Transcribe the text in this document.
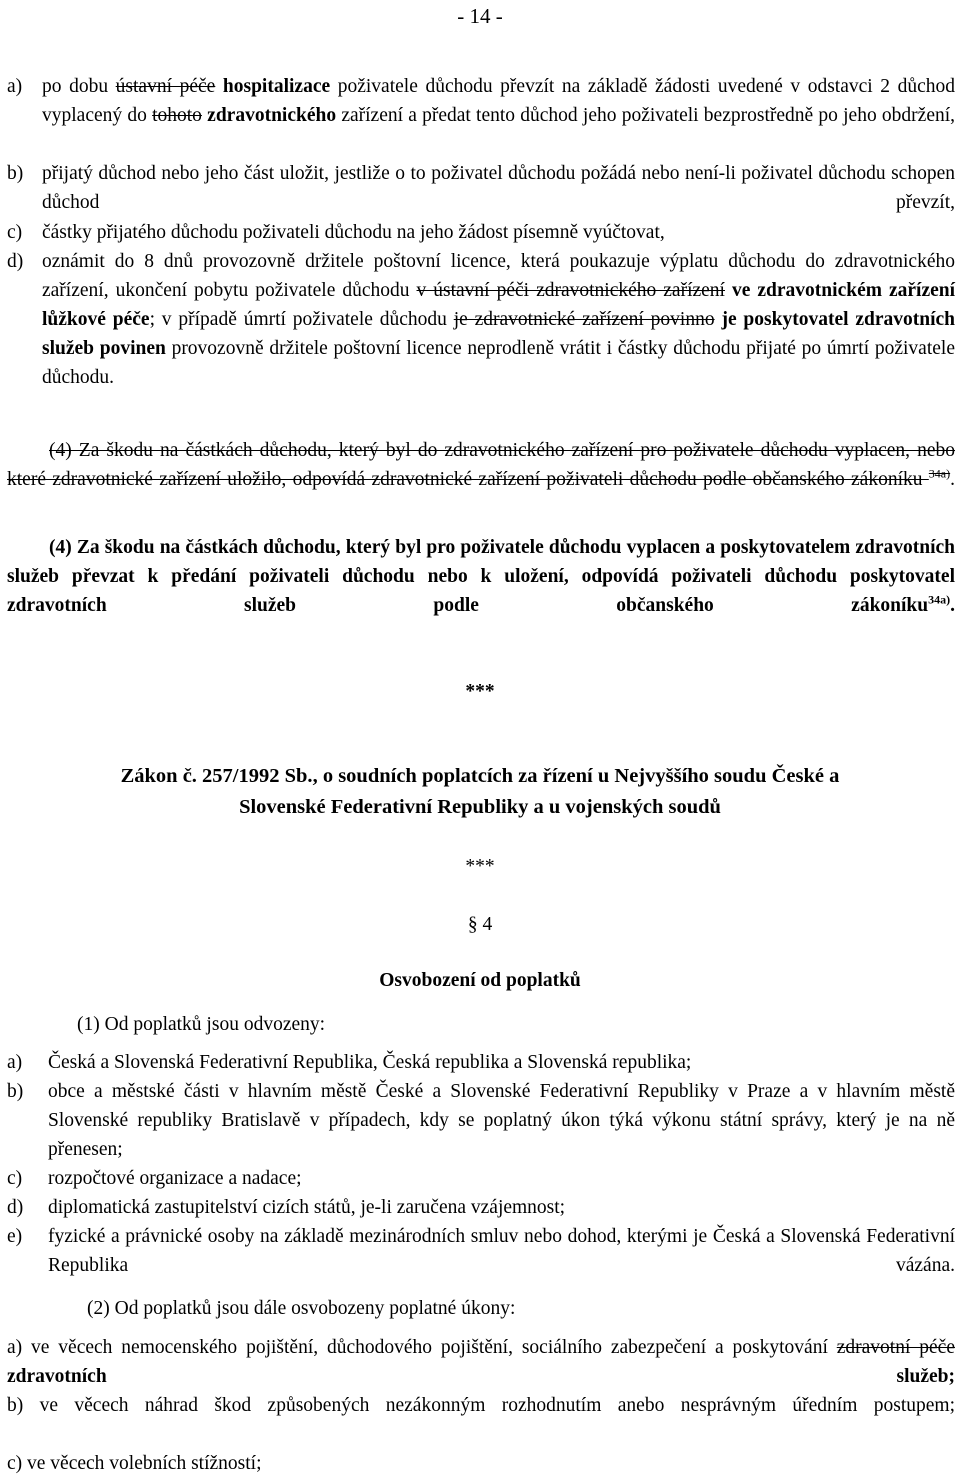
- 14 -
a) po dobu ústavní péče hospitalizace poživatele důchodu převzít na základě žádosti uvedené v odstavci 2 důchod vyplacený do tohoto zdravotnického zařízení a předat tento důchod jeho poživateli bezprostředně po jeho obdržení,
b) přijatý důchod nebo jeho část uložit, jestliže o to poživatel důchodu požádá nebo není-li poživatel důchodu schopen důchod převzít,
c) částky přijatého důchodu poživateli důchodu na jeho žádost písemně vyúčtovat,
d) oznámit do 8 dnů provozovně držitele poštovní licence, která poukazuje výplatu důchodu do zdravotnického zařízení, ukončení pobytu poživatele důchodu v ústavní péči zdravotnického zařízení ve zdravotnickém zařízení lůžkové péče; v případě úmrtí poživatele důchodu je zdravotnické zařízení povinno je poskytovatel zdravotních služeb povinen provozovně držitele poštovní licence neprodleně vrátit i částky důchodu přijaté po úmrtí poživatele důchodu.
(4) Za škodu na částkách důchodu, který byl do zdravotnického zařízení pro poživatele důchodu vyplacen, nebo které zdravotnické zařízení uložilo, odpovídá zdravotnické zařízení poživateli důchodu podle občanského zákoníku $^{34a)}$.
(4) Za škodu na částkách důchodu, který byl pro poživatele důchodu vyplacen a poskytovatelem zdravotních služeb převzat k předání poživateli důchodu nebo k uložení, odpovídá poživateli důchodu poskytovatel zdravotních služeb podle občanského zákoníku$^{34a)}$.
***
Zákon č. 257/1992 Sb., o soudních poplatcích za řízení u Nejvyššího soudu České a
Slovenské Federativní Republiky a u vojenských soudů
***
§ 4
Osvobození od poplatků
(1) Od poplatků jsou odvozeny:
a) Česká a Slovenská Federativní Republika, Česká republika a Slovenská republika;
b) obce a městské části v hlavním městě České a Slovenské Federativní Republiky v Praze a v hlavním městě Slovenské republiky Bratislavě v případech, kdy se poplatný úkon týká výkonu státní správy, který je na ně přenesen;
c) rozpočtové organizace a nadace;
d) diplomatická zastupitelství cizích států, je-li zaručena vzájemnost;
e) fyzické a právnické osoby na základě mezinárodních smluv nebo dohod, kterými je Česká a Slovenská Federativní Republika vázána.
(2) Od poplatků jsou dále osvobozeny poplatné úkony:
a) ve věcech nemocenského pojištění, důchodového pojištění, sociálního zabezpečení a poskytování zdravotní péče zdravotních služeb;
b) ve věcech náhrad škod způsobených nezákonným rozhodnutím anebo nesprávným úředním postupem;
c) ve věcech volebních stížností;
